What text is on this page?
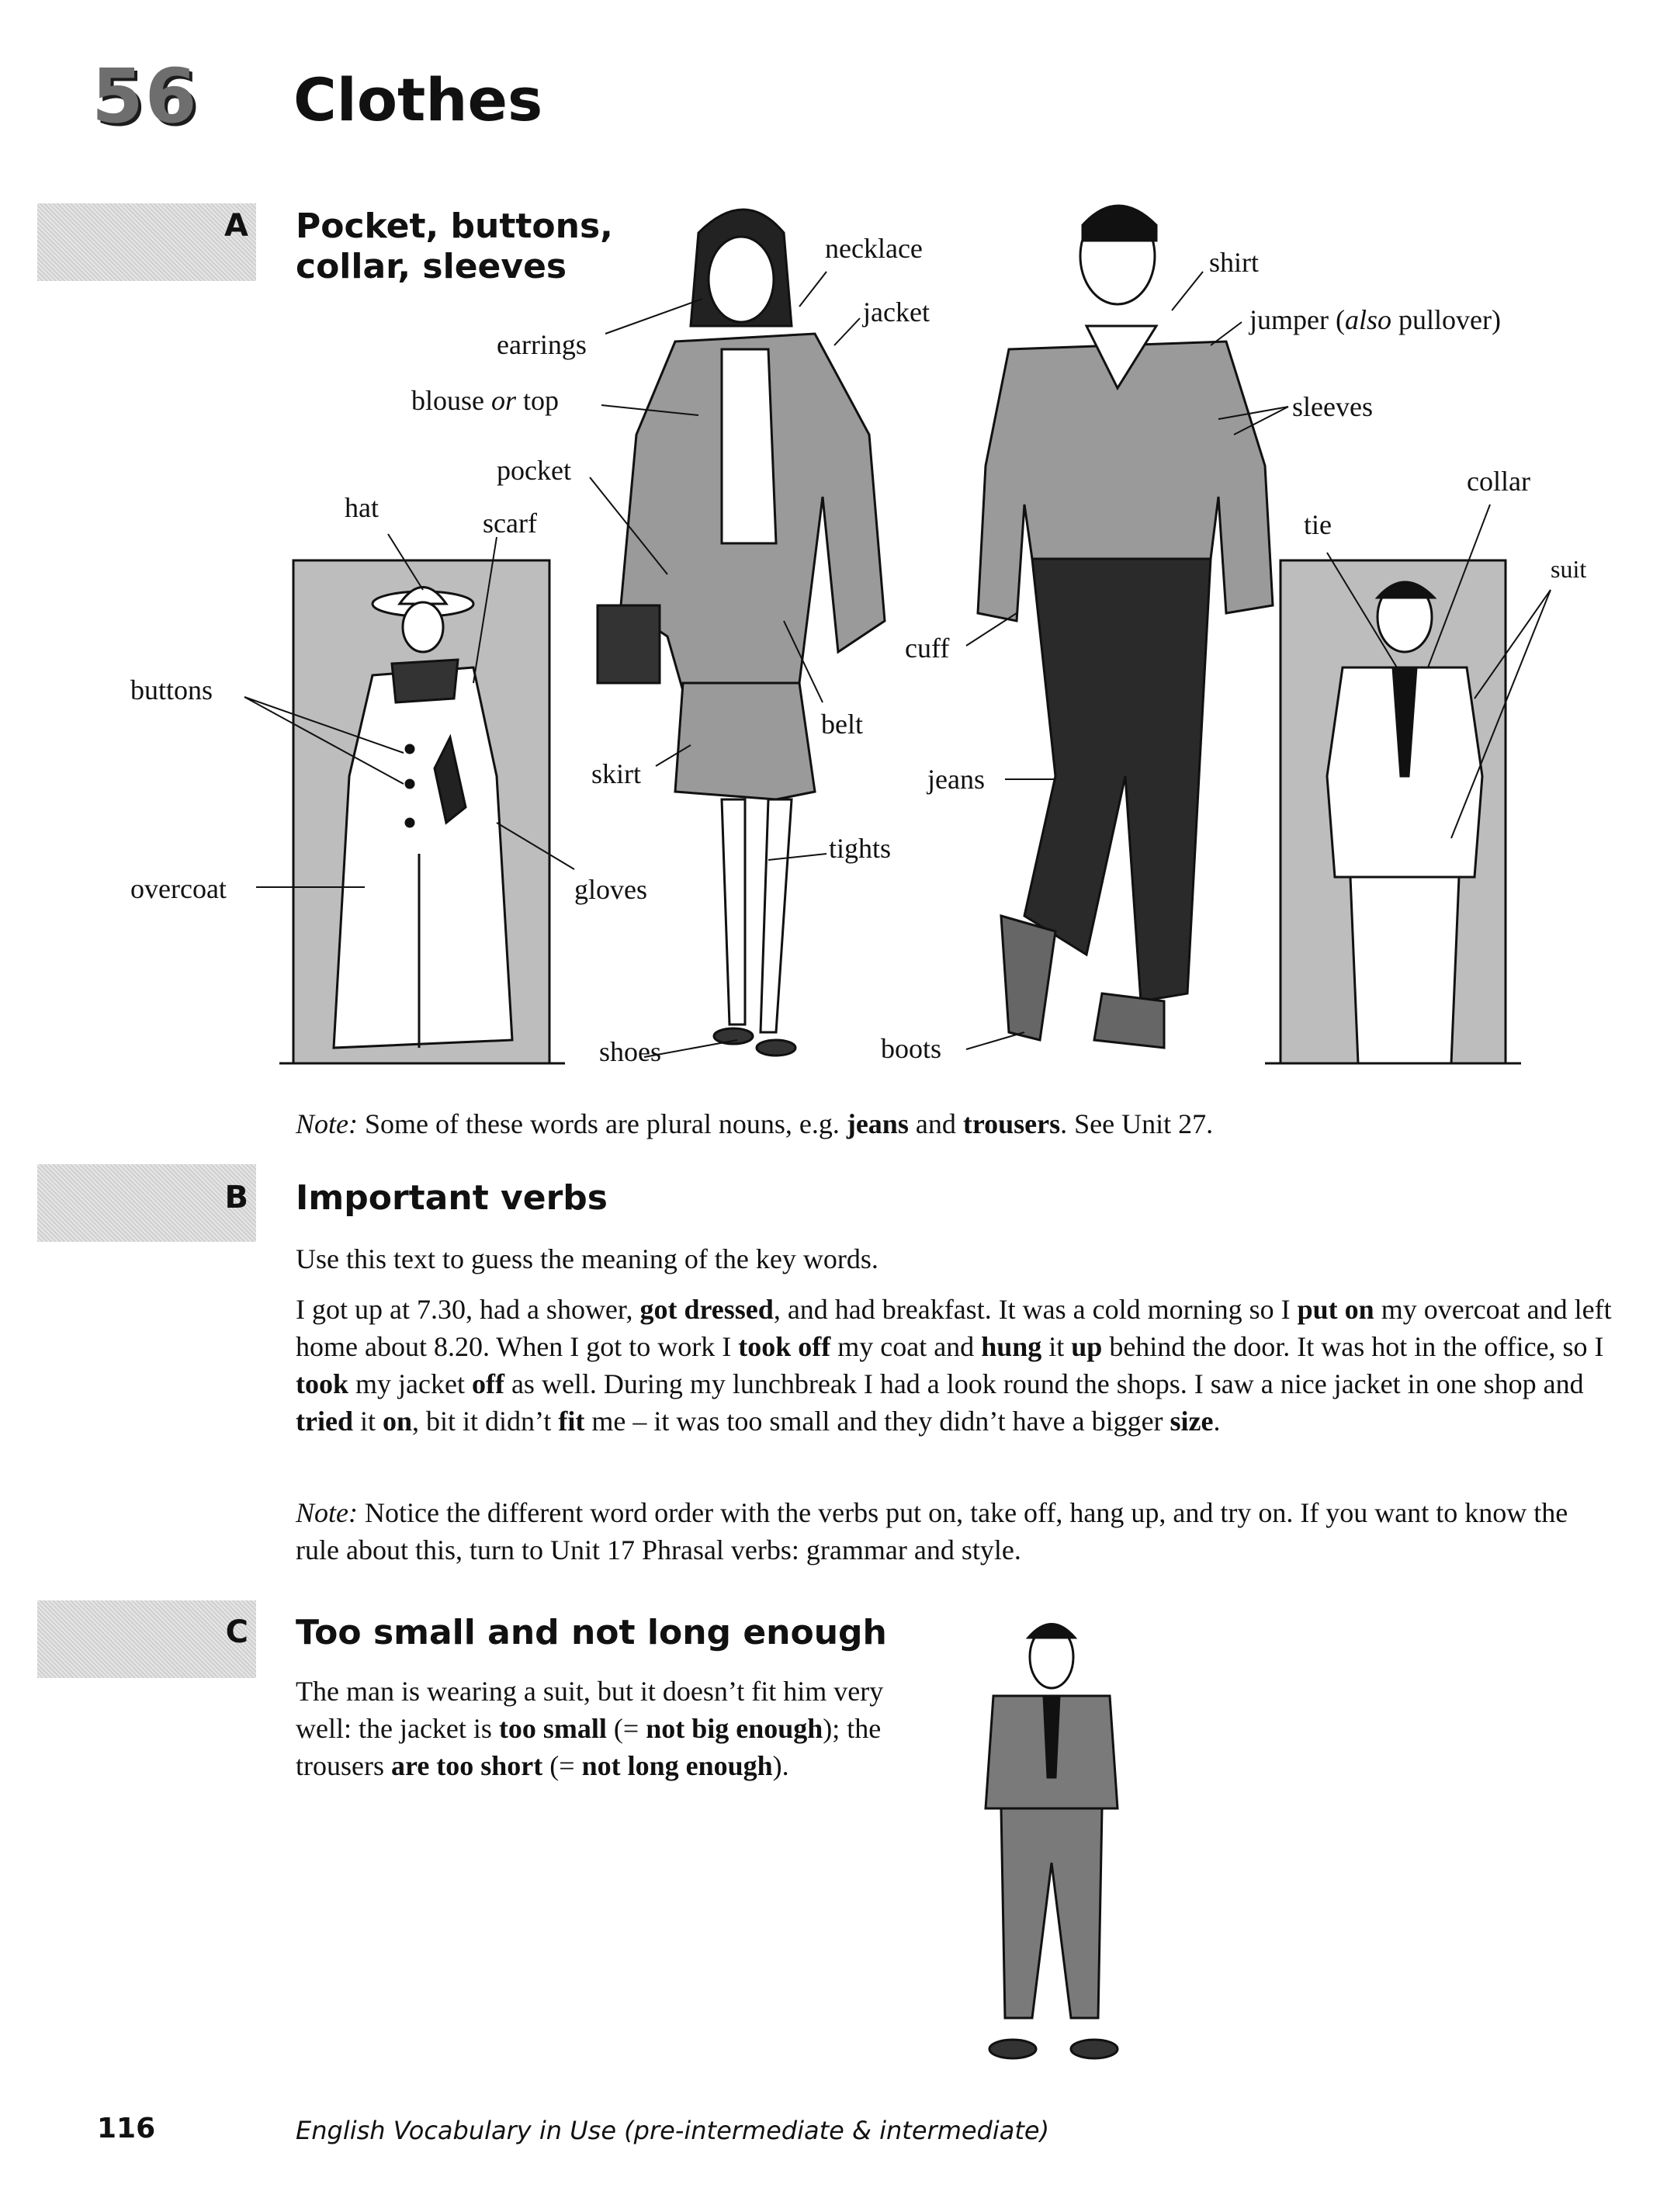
56 Clothes
A Pocket, buttons,
collar, sleeves	necklace
jacket
earrings
blouse or top
pocket
hat	scarf
buttons
overcoat	gloves
skirt
belt
tights
shoes
shirt
jumper (also pullover)
sleeves
collar
tie
suit
cuff
jeans
boots

Note: Some of these words are plural nouns, e.g. jeans and trousers. See Unit 27.

B Important verbs

Use this text to guess the meaning of the key words.

I got up at 7.30, had a shower, got dressed, and had breakfast. It was a cold morning so I put on my overcoat and left home about 8.20. When I got to work I took off my coat and hung it up behind the door. It was hot in the office, so I took my jacket off as well. During my lunchbreak I had a look round the shops. I saw a nice jacket in one shop and tried it on, bit it didn’t fit me – it was too small and they didn’t have a bigger size.

Note: Notice the different word order with the verbs put on, take off, hang up, and try on. If you want to know the rule about this, turn to Unit 17 Phrasal verbs: grammar and style.

C Too small and not long enough

The man is wearing a suit, but it doesn’t fit him very well: the jacket is too small (= not big enough); the trousers are too short (= not long enough).

116	English Vocabulary in Use (pre-intermediate & intermediate)
